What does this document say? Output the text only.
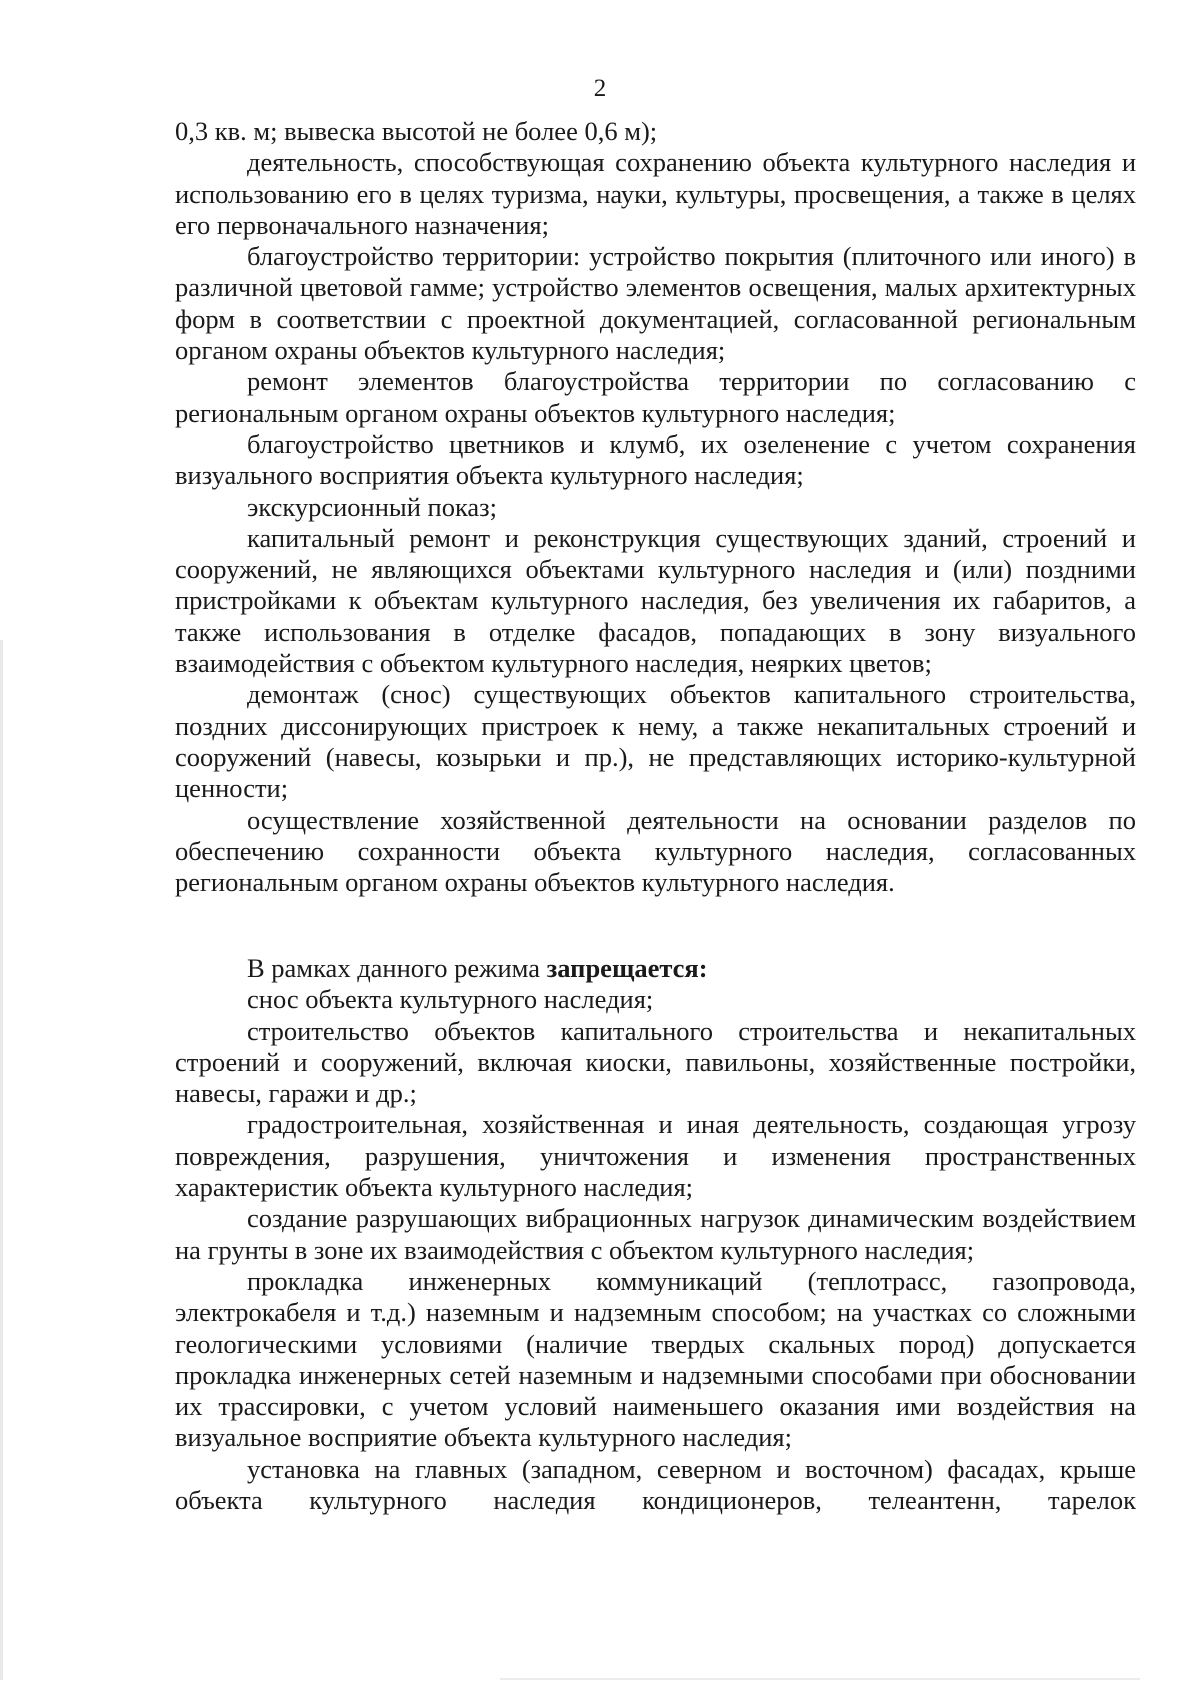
2

0,3 кв. м; вывеска высотой не более 0,6 м);

деятельность, способствующая сохранению объекта культурного наследия и использованию его в целях туризма, науки, культуры, просвещения, а также в целях его первоначального назначения;

благоустройство территории: устройство покрытия (плиточного или иного) в различной цветовой гамме; устройство элементов освещения, малых архитектурных форм в соответствии с проектной документацией, согласованной региональным органом охраны объектов культурного наследия;

ремонт элементов благоустройства территории по согласованию с региональным органом охраны объектов культурного наследия;

благоустройство цветников и клумб, их озеленение с учетом сохранения визуального восприятия объекта культурного наследия;

экскурсионный показ;

капитальный ремонт и реконструкция существующих зданий, строений и сооружений, не являющихся объектами культурного наследия и (или) поздними пристройками к объектам культурного наследия, без увеличения их габаритов, а также использования в отделке фасадов, попадающих в зону визуального взаимодействия с объектом культурного наследия, неярких цветов;

демонтаж (снос) существующих объектов капитального строительства, поздних диссонирующих пристроек к нему, а также некапитальных строений и сооружений (навесы, козырьки и пр.), не представляющих историко-культурной ценности;

осуществление хозяйственной деятельности на основании разделов по обеспечению сохранности объекта культурного наследия, согласованных региональным органом охраны объектов культурного наследия.

В рамках данного режима запрещается:

снос объекта культурного наследия;

строительство объектов капитального строительства и некапитальных строений и сооружений, включая киоски, павильоны, хозяйственные постройки, навесы, гаражи и др.;

градостроительная, хозяйственная и иная деятельность, создающая угрозу повреждения, разрушения, уничтожения и изменения пространственных характеристик объекта культурного наследия;

создание разрушающих вибрационных нагрузок динамическим воздействием на грунты в зоне их взаимодействия с объектом культурного наследия;

прокладка инженерных коммуникаций (теплотрасс, газопровода, электрокабеля и т.д.) наземным и надземным способом; на участках со сложными геологическими условиями (наличие твердых скальных пород) допускается прокладка инженерных сетей наземным и надземными способами при обосновании их трассировки, с учетом условий наименьшего оказания ими воздействия на визуальное восприятие объекта культурного наследия;

установка на главных (западном, северном и восточном) фасадах, крыше объекта культурного наследия кондиционеров, телеантенн, тарелок
